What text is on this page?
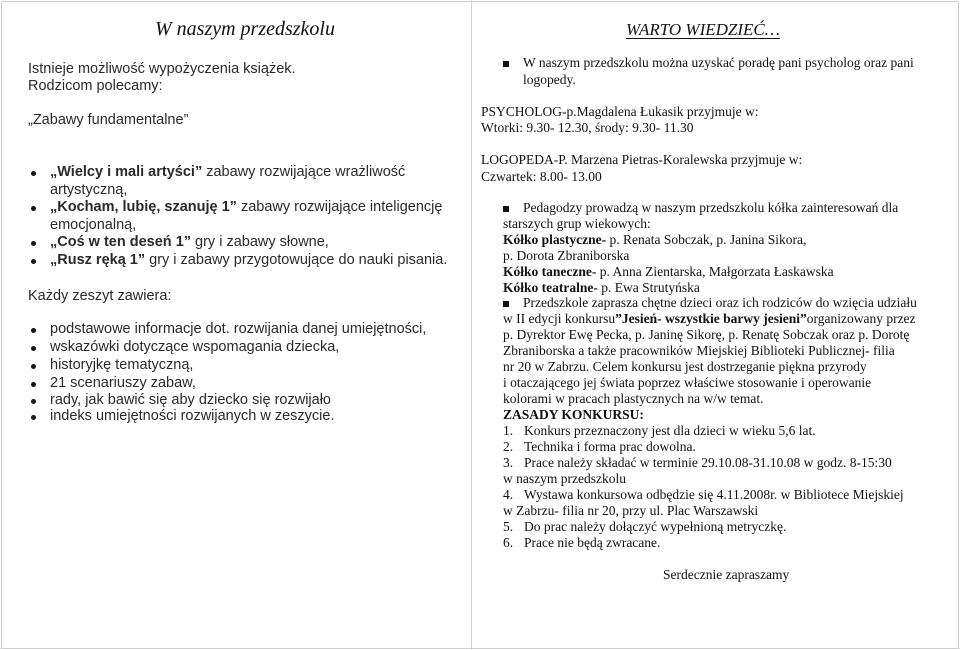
W naszym przedszkolu
Istnieje możliwość wypożyczenia książek.
Rodzicom polecamy:
„Zabawy fundamentalne”
„Wielcy i mali artyści” zabawy rozwijające wrażliwość
artystyczną,
„Kocham, lubię, szanuję 1” zabawy rozwijające inteligencję
emocjonalną,
„Coś w ten deseń 1” gry i zabawy słowne,
„Rusz ręką 1” gry i zabawy przygotowujące do nauki pisania.
Każdy zeszyt zawiera:
podstawowe informacje dot. rozwijania danej umiejętności,
wskazówki dotyczące wspomagania dziecka,
historyjkę tematyczną,
21 scenariuszy zabaw,
rady, jak bawić się aby dziecko się rozwijało
indeks umiejętności rozwijanych w zeszycie.
WARTO WIEDZIEĆ…
W naszym przedszkolu można uzyskać poradę pani psycholog oraz pani
logopedy.
PSYCHOLOG-p.Magdalena Łukasik przyjmuje w:
Wtorki: 9.30- 12.30, środy: 9.30- 11.30
LOGOPEDA-P. Marzena Pietras-Koralewska przyjmuje w:
Czwartek: 8.00- 13.00
Pedagodzy prowadzą w naszym przedszkolu kółka zainteresowań dla
starszych grup wiekowych:
Kółko plastyczne- p. Renata Sobczak, p. Janina Sikora,
p. Dorota Zbraniborska
Kółko taneczne- p. Anna Zientarska, Małgorzata Łaskawska
Kółko teatralne- p. Ewa Strutyńska
Przedszkole zaprasza chętne dzieci oraz ich rodziców do wzięcia udziału
w II edycji konkursu”Jesień- wszystkie barwy jesieni”organizowany przez
p. Dyrektor Ewę Pecka, p. Janinę Sikorę, p. Renatę Sobczak oraz p. Dorotę
Zbraniborska a także pracowników Miejskiej Biblioteki Publicznej- filia
nr 20 w Zabrzu. Celem konkursu jest dostrzeganie piękna przyrody
i otaczającego jej świata poprzez właściwe stosowanie i operowanie
kolorami w pracach plastycznych na w/w temat.
ZASADY KONKURSU:
1. Konkurs przeznaczony jest dla dzieci w wieku 5,6 lat.
2. Technika i forma prac dowolna.
3. Prace należy składać w terminie 29.10.08-31.10.08 w godz. 8-15:30
w naszym przedszkolu
4. Wystawa konkursowa odbędzie się 4.11.2008r. w Bibliotece Miejskiej
w Zabrzu- filia nr 20, przy ul. Plac Warszawski
5. Do prac należy dołączyć wypełnioną metryczkę.
6. Prace nie będą zwracane.
Serdecznie zapraszamy
